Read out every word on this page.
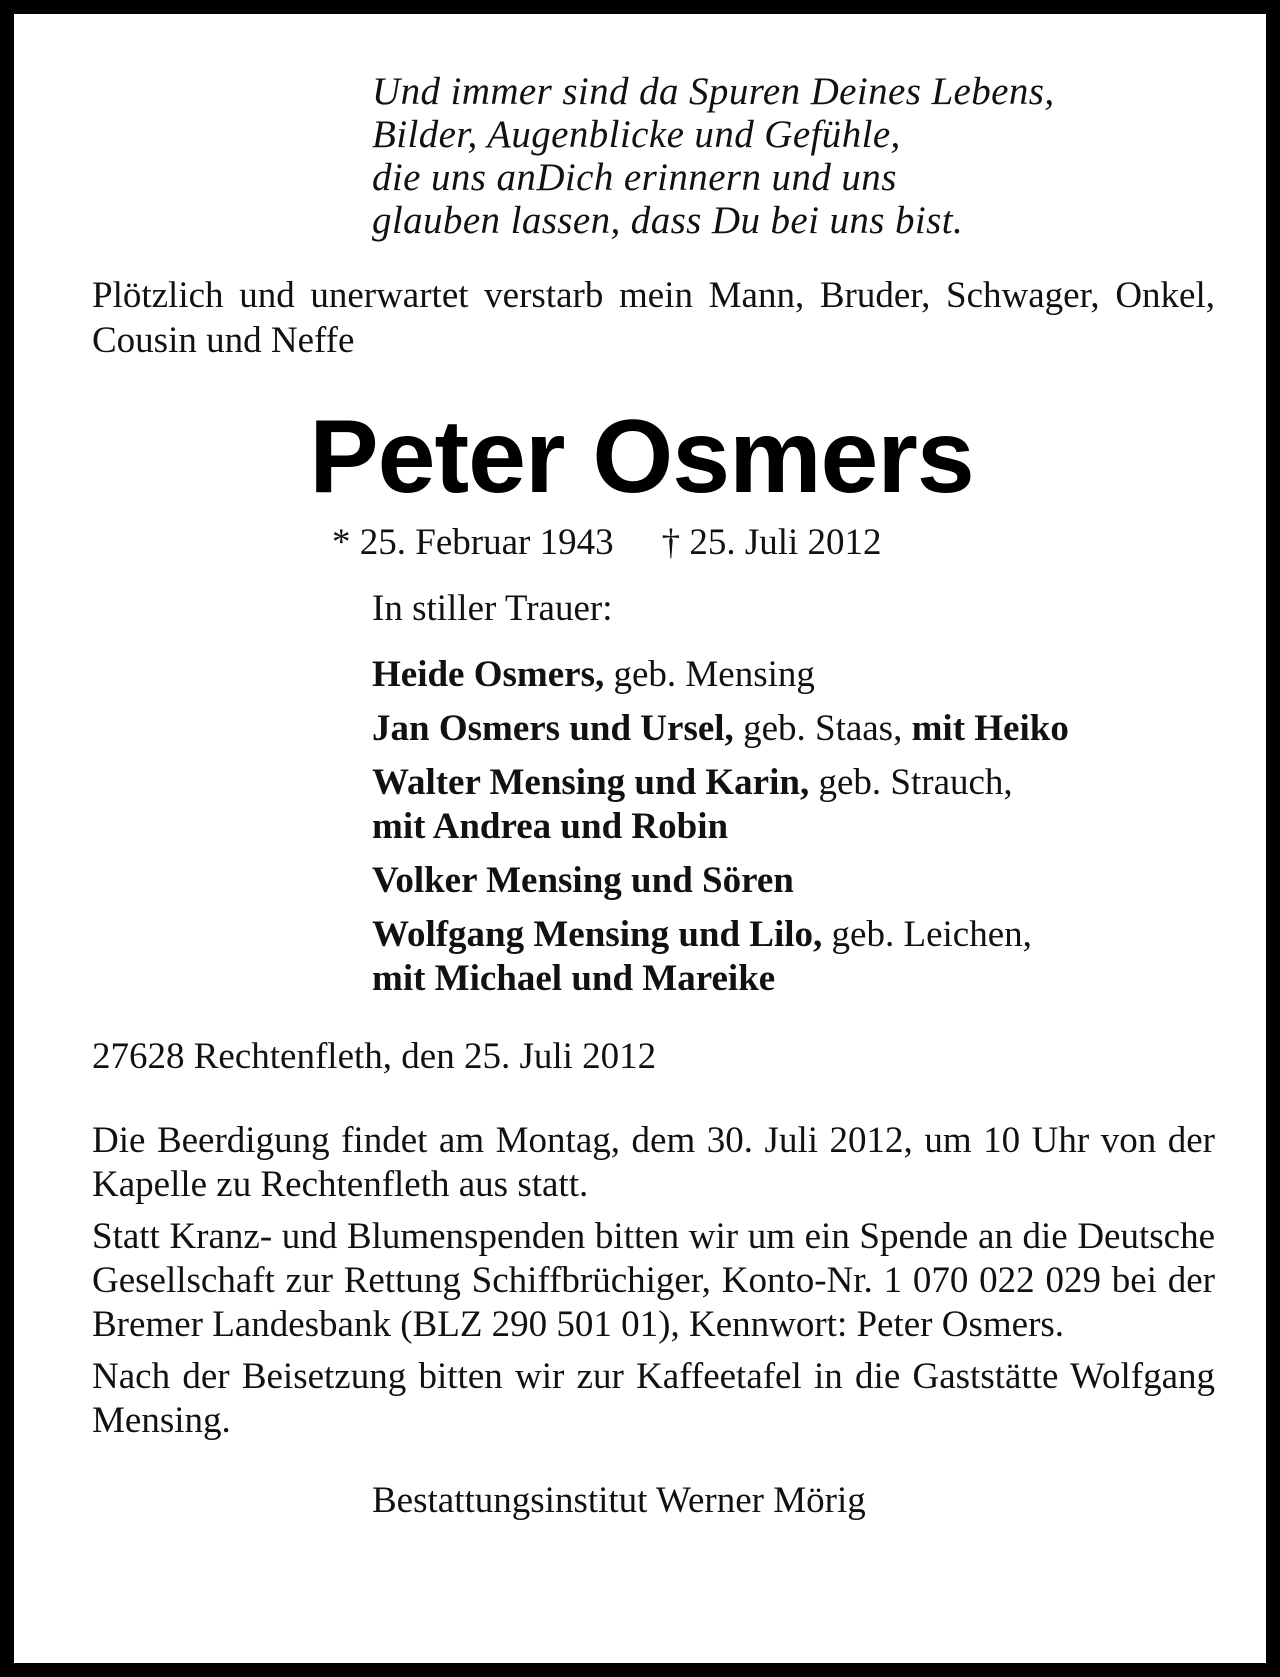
Und immer sind da Spuren Deines Lebens,
Bilder, Augenblicke und Gefühle,
die uns anDich erinnern und uns
glauben lassen, dass Du bei uns bist.
Plötzlich und unerwartet verstarb mein Mann, Bruder, Schwager, Onkel, Cousin und Neffe
Peter Osmers
* 25. Februar 1943 † 25. Juli 2012
In stiller Trauer:
Heide Osmers, geb. Mensing
Jan Osmers und Ursel, geb. Staas, mit Heiko
Walter Mensing und Karin, geb. Strauch,
mit Andrea und Robin
Volker Mensing und Sören
Wolfgang Mensing und Lilo, geb. Leichen,
mit Michael und Mareike
27628 Rechtenfleth, den 25. Juli 2012
Die Beerdigung findet am Montag, dem 30. Juli 2012, um 10 Uhr von der Kapelle zu Rechtenfleth aus statt.
Statt Kranz- und Blumenspenden bitten wir um ein Spende an die Deutsche Gesellschaft zur Rettung Schiffbrüchiger, Konto-Nr. 1 070 022 029 bei der Bremer Landesbank (BLZ 290 501 01), Kennwort: Peter Osmers.
Nach der Beisetzung bitten wir zur Kaffeetafel in die Gaststätte Wolfgang Mensing.
Bestattungsinstitut Werner Mörig
